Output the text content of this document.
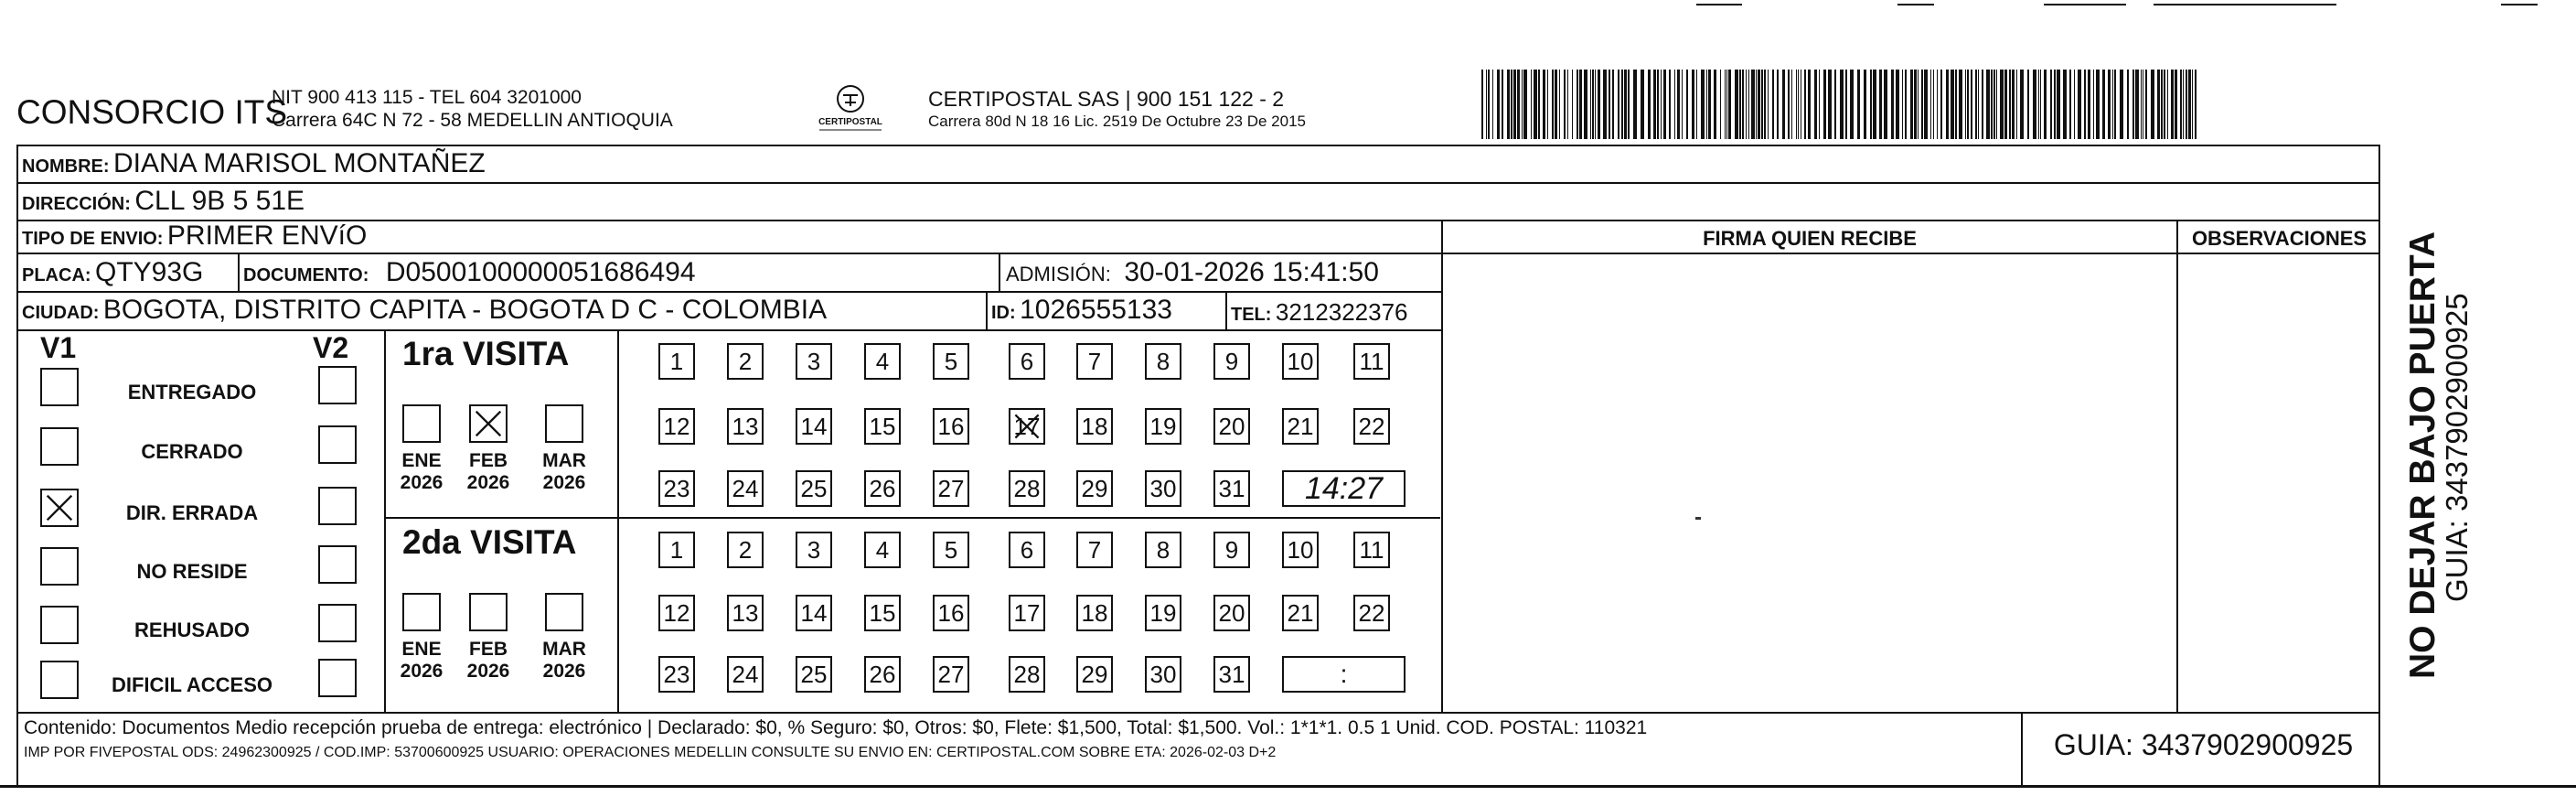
CONSORCIO ITS
NIT 900 413 115 - TEL 604 3201000
Carrera 64C N 72 - 58 MEDELLIN ANTIOQUIA	CERTIPOSTAL
CERTIPOSTAL SAS | 900 151 122 - 2
Carrera 80d N 18 16 Lic. 2519 De Octubre 23 De 2015
NOMBRE: DIANA MARISOL MONTAÑEZ
DIRECCIÓN: CLL 9B 5 51E
TIPO DE ENVIO: PRIMER ENVíO	FIRMA QUIEN RECIBE	OBSERVACIONES
PLACA: QTY93G DOCUMENTO: D0500100000051686494	ADMISIÓN: 30-01-2026 15:41:50
CIUDAD: BOGOTA, DISTRITO CAPITA - BOGOTA D C - COLOMBIA	ID: 1026555133	TEL: 3212322376
V1	V2
ENTREGADO
CERRADO
DIR. ERRADA
NO RESIDE
REHUSADO
DIFICIL ACCESO
1ra VISITA
2da VISITA
ENE
2026
FEB
2026
MAR
2026
ENE
2026
FEB
2026
MAR
2026
1 2 3 4 5	6 7 8 9 10 11
12 13 14 15 16 17 18 19 20 21 22
23 24 25 26 27 28 29 30 31	14:27
1 2 3 4 5	6 7 8 9 10 11
12 13 14 15 16 17 18 19 20 21 22
23 24 25 26 27 28 29 30 31	:	NO DEJAR BAJO PUERTA
GUIA: 3437902900925
Contenido: Documentos Medio recepción prueba de entrega: electrónico | Declarado: $0, % Seguro: $0, Otros: $0, Flete: $1,500, Total: $1,500. Vol.: 1*1*1. 0.5 1 Unid. COD. POSTAL: 110321
IMP POR FIVEPOSTAL ODS: 24962300925 / COD.IMP: 53700600925 USUARIO: OPERACIONES MEDELLIN CONSULTE SU ENVIO EN: CERTIPOSTAL.COM SOBRE ETA: 2026-02-03 D+2	GUIA: 3437902900925
